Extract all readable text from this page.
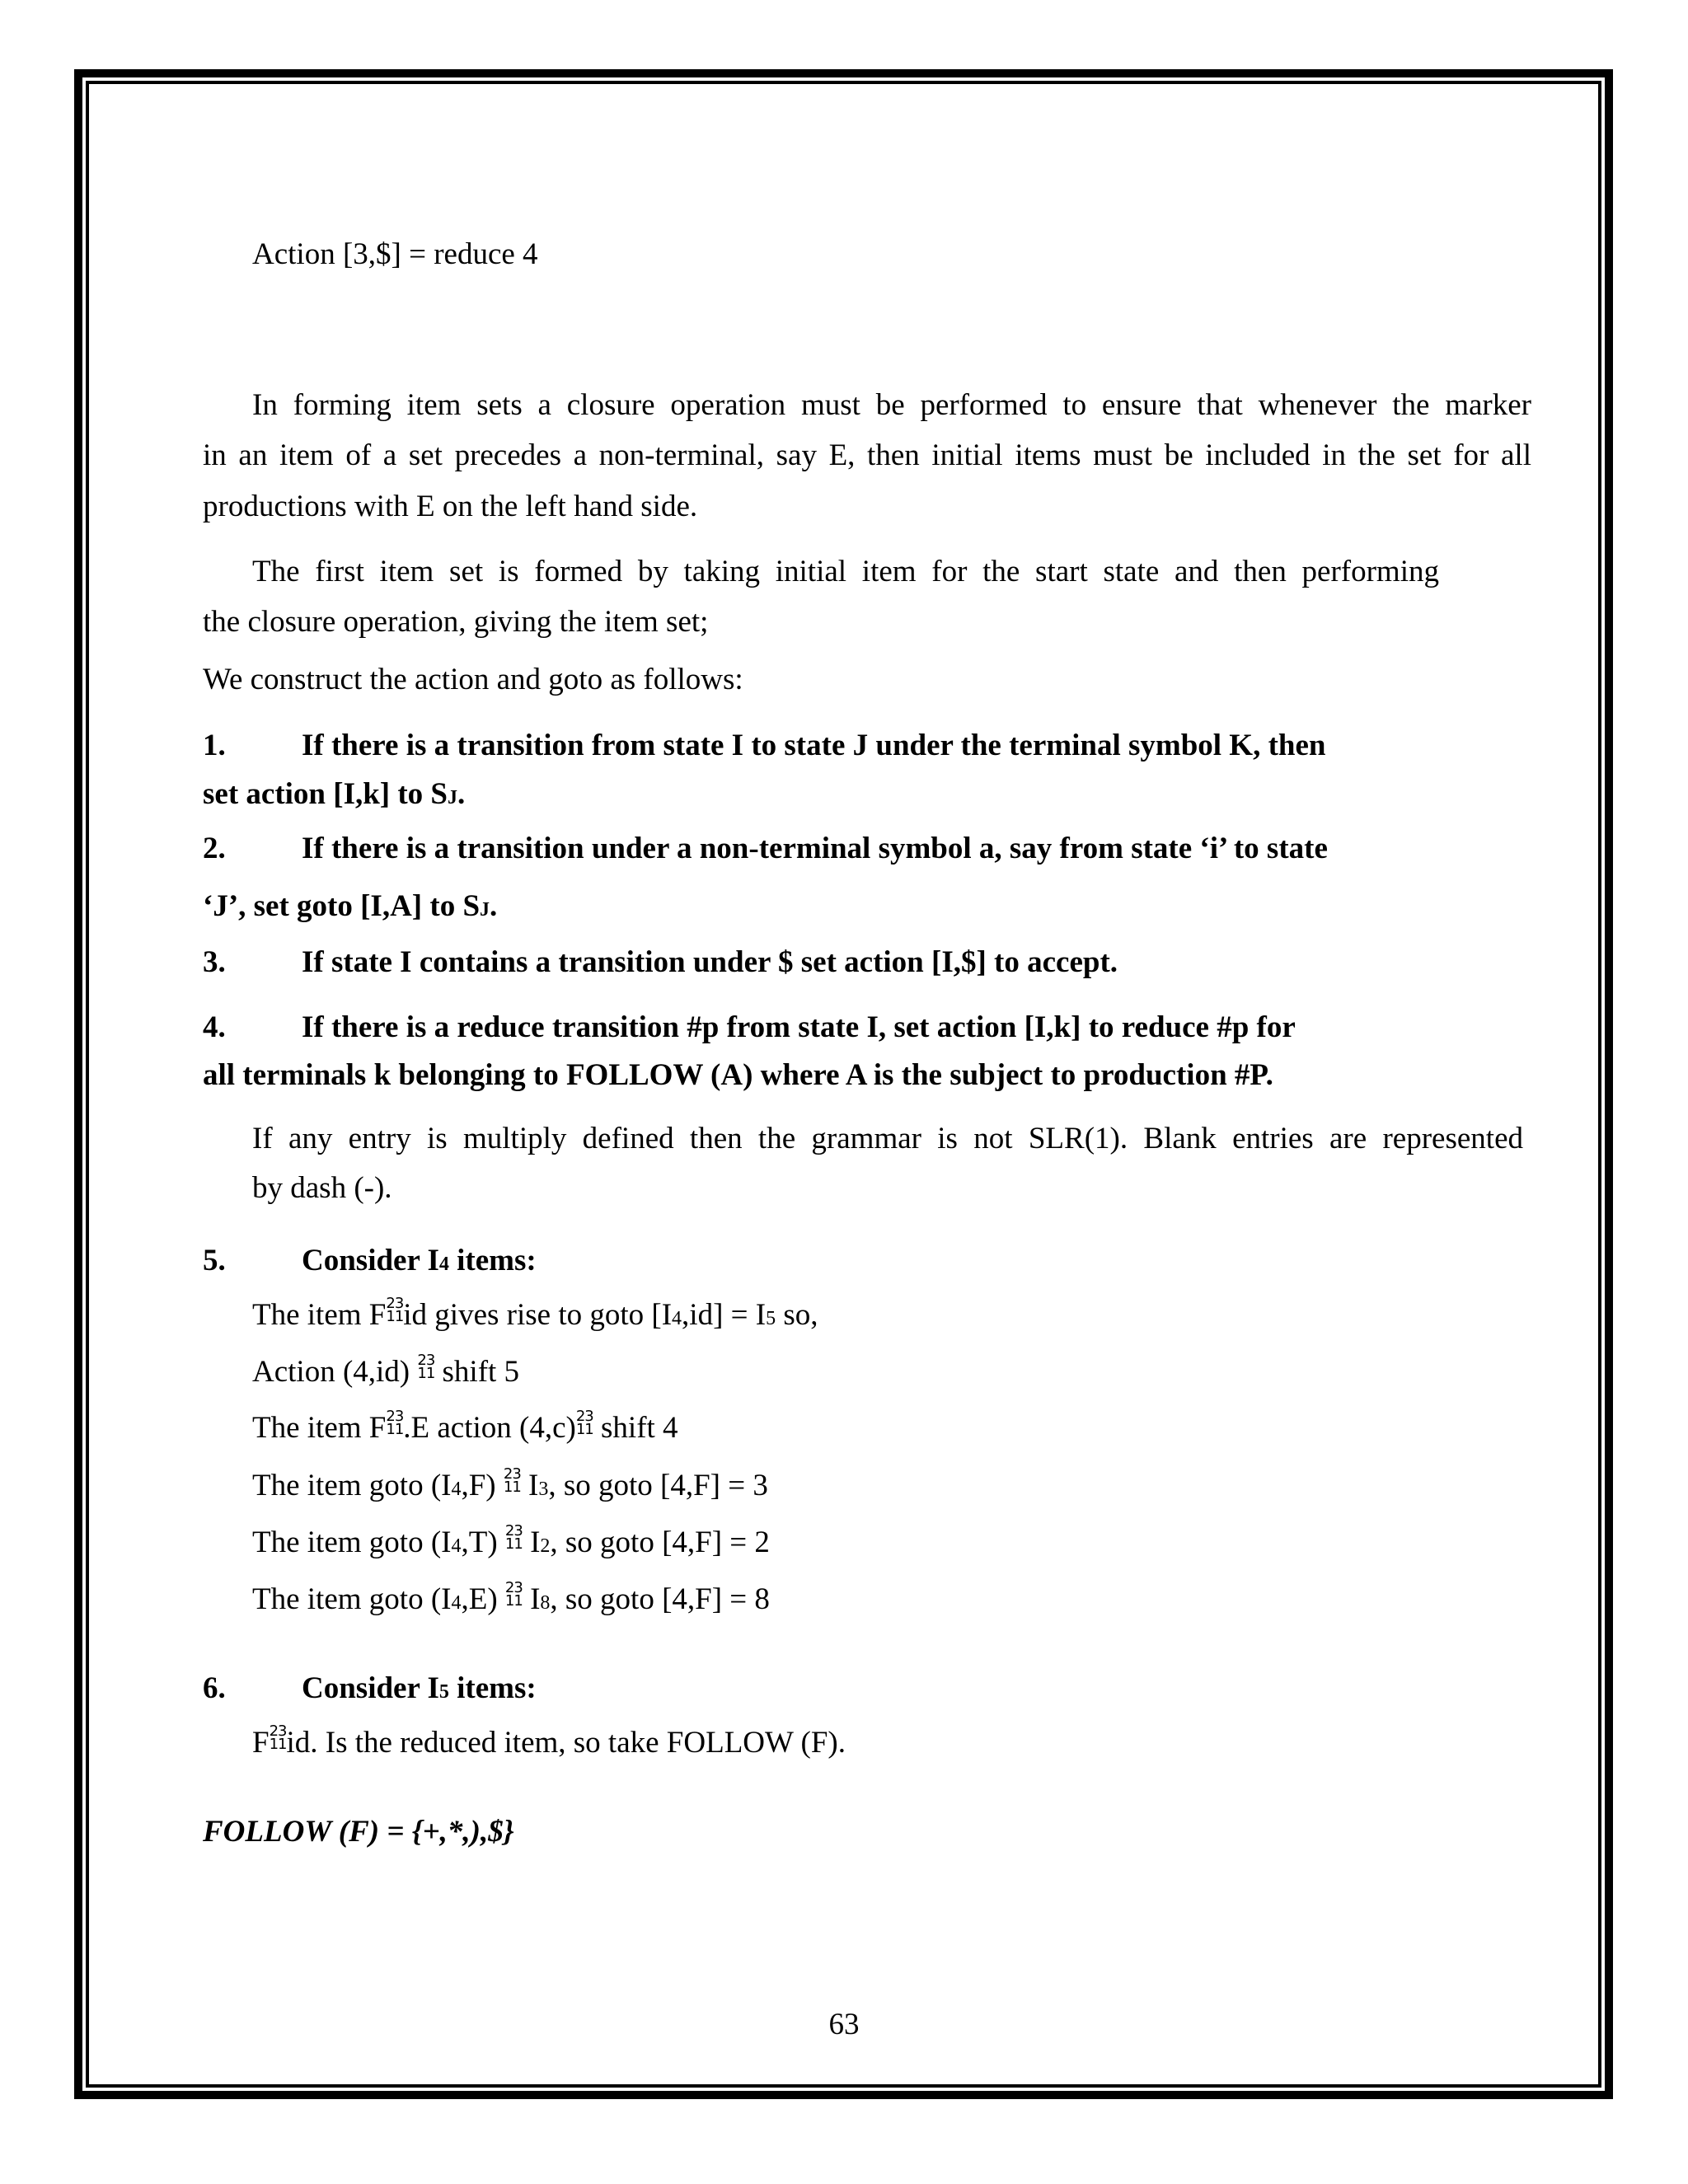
Action [3,$] = reduce 4
In forming item sets a closure operation must be performed to ensure that whenever the marker
in an item of a set precedes a non-terminal, say E, then initial items must be included in the set for all
productions with E on the left hand side.
The first item set is formed by taking initial item for the start state and then performing
the closure operation, giving the item set;
We construct the action and goto as follows:
1. If there is a transition from state I to state J under the terminal symbol K, then
set action [I,k] to SJ.
2. If there is a transition under a non-terminal symbol a, say from state ‘i’ to state
‘J’, set goto [I,A] to SJ.
3. If state I contains a transition under $ set action [I,$] to accept.
4. If there is a reduce transition #p from state I, set action [I,k] to reduce #p for
all terminals k belonging to FOLLOW (A) where A is the subject to production #P.
If any entry is multiply defined then the grammar is not SLR(1). Blank entries are represented
by dash (-).
5. Consider I4 items:
The item F 23
11 id gives rise to goto [I4,id] = I5 so,
Action (4,id) 23
11 shift 5
The item F 23
11 .E action (4,c) 23
11 shift 4
The item goto (I4,F) 23
11 I3, so goto [4,F] = 3
The item goto (I4,T) 23
11 I2, so goto [4,F] = 2
The item goto (I4,E) 23
11 I8, so goto [4,F] = 8
6. Consider I5 items:
F 23
11 id. Is the reduced item, so take FOLLOW (F).
FOLLOW (F) = {+,*,),$}
63
